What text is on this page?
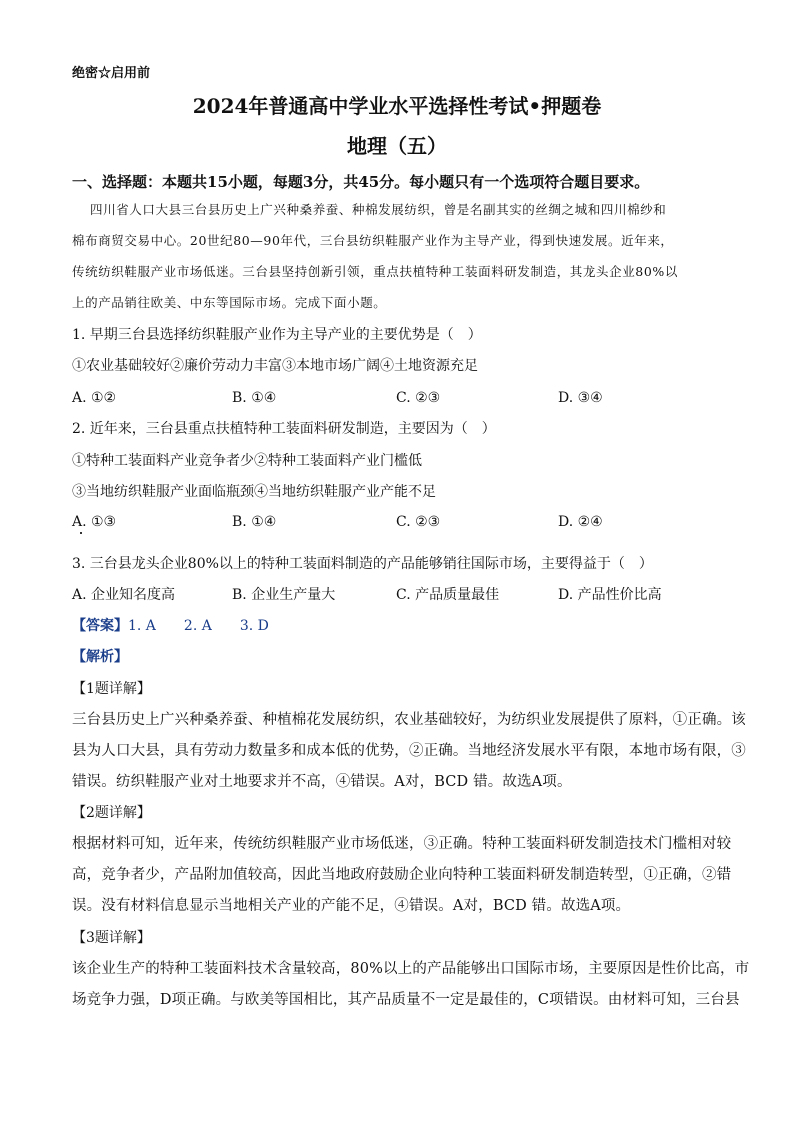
绝密☆启用前
2024年普通高中学业水平选择性考试•押题卷
地理（五）
一、选择题：本题共15小题，每题3分，共45分。每小题只有一个选项符合题目要求。
四川省人口大县三台县历史上广兴种桑养蚕、种棉发展纺织，曾是名副其实的丝绸之城和四川棉纱和
棉布商贸交易中心。20世纪80—90年代，三台县纺织鞋服产业作为主导产业，得到快速发展。近年来，
传统纺织鞋服产业市场低迷。三台县坚持创新引领，重点扶植特种工装面料研发制造，其龙头企业80%以
上的产品销往欧美、中东等国际市场。完成下面小题。
1. 早期三台县选择纺织鞋服产业作为主导产业的主要优势是（　）
①农业基础较好②廉价劳动力丰富③本地市场广阔④土地资源充足
A. ①②	B. ①④	C. ②③	D. ③④
2. 近年来，三台县重点扶植特种工装面料研发制造，主要因为（　）
①特种工装面料产业竞争者少②特种工装面料产业门槛低
③当地纺织鞋服产业面临瓶颈④当地纺织鞋服产业产能不足
A. ①③	B. ①④	C. ②③	D. ②④
3. 三台县龙头企业80%以上的特种工装面料制造的产品能够销往国际市场，主要得益于（　）
A. 企业知名度高	B. 企业生产量大	C. 产品质量最佳	D. 产品性价比高
【答案】1. A　　2. A　　3. D
【解析】
【1题详解】
三台县历史上广兴种桑养蚕、种植棉花发展纺织，农业基础较好，为纺织业发展提供了原料，①正确。该
县为人口大县，具有劳动力数量多和成本低的优势，②正确。当地经济发展水平有限，本地市场有限，③
错误。纺织鞋服产业对土地要求并不高，④错误。A对，BCD 错。故选A项。
【2题详解】
根据材料可知，近年来，传统纺织鞋服产业市场低迷，③正确。特种工装面料研发制造技术门槛相对较
高，竞争者少，产品附加值较高，因此当地政府鼓励企业向特种工装面料研发制造转型，①正确，②错
误。没有材料信息显示当地相关产业的产能不足，④错误。A对，BCD 错。故选A项。
【3题详解】
该企业生产的特种工装面料技术含量较高，80%以上的产品能够出口国际市场，主要原因是性价比高，市
场竞争力强，D项正确。与欧美等国相比，其产品质量不一定是最佳的，C项错误。由材料可知，三台县
